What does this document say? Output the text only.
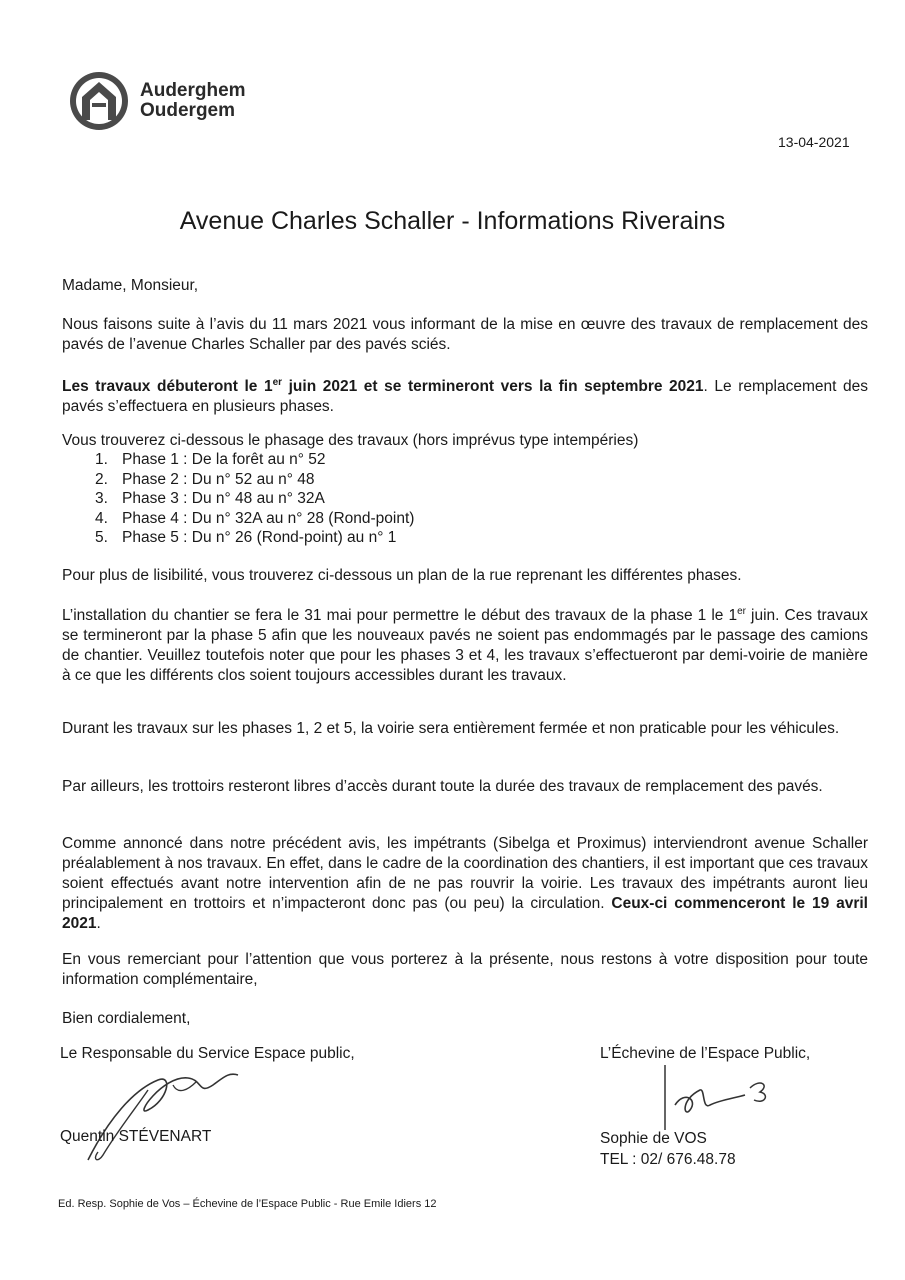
Auderghem
Oudergem
13-04-2021
Avenue Charles Schaller - Informations Riverains
Madame, Monsieur,
Nous faisons suite à l’avis du 11 mars 2021 vous informant de la mise en œuvre des travaux de remplacement des pavés de l’avenue Charles Schaller par des pavés sciés.
Les travaux débuteront le 1er juin 2021 et se termineront vers la fin septembre 2021. Le remplacement des pavés s’effectuera en plusieurs phases.
Vous trouverez ci-dessous le phasage des travaux (hors imprévus type intempéries)
1. Phase 1 : De la forêt au n° 52
2. Phase 2 : Du n° 52 au n° 48
3. Phase 3 : Du n° 48 au n° 32A
4. Phase 4 : Du n° 32A au n° 28 (Rond-point)
5. Phase 5 : Du n° 26 (Rond-point) au n° 1
Pour plus de lisibilité, vous trouverez ci-dessous un plan de la rue reprenant les différentes phases.
L’installation du chantier se fera le 31 mai pour permettre le début des travaux de la phase 1 le 1er juin. Ces travaux se termineront par la phase 5 afin que les nouveaux pavés ne soient pas endommagés par le passage des camions de chantier. Veuillez toutefois noter que pour les phases 3 et 4, les travaux s’effectueront par demi-voirie de manière à ce que les différents clos soient toujours accessibles durant les travaux.
Durant les travaux sur les phases 1, 2 et 5, la voirie sera entièrement fermée et non praticable pour les véhicules.
Par ailleurs, les trottoirs resteront libres d’accès durant toute la durée des travaux de remplacement des pavés.
Comme annoncé dans notre précédent avis, les impétrants (Sibelga et Proximus) interviendront avenue Schaller préalablement à nos travaux. En effet, dans le cadre de la coordination des chantiers, il est important que ces travaux soient effectués avant notre intervention afin de ne pas rouvrir la voirie. Les travaux des impétrants auront lieu principalement en trottoirs et n’impacteront donc pas (ou peu) la circulation. Ceux-ci commenceront le 19 avril 2021.
En vous remerciant pour l’attention que vous porterez à la présente, nous restons à votre disposition pour toute information complémentaire,
Bien cordialement,
Le Responsable du Service Espace public,	L’Échevine de l’Espace Public,
Quentin STÉVENART	Sophie de VOS
TEL : 02/ 676.48.78
Ed. Resp. Sophie de Vos – Échevine de l’Espace Public - Rue Emile Idiers 12
